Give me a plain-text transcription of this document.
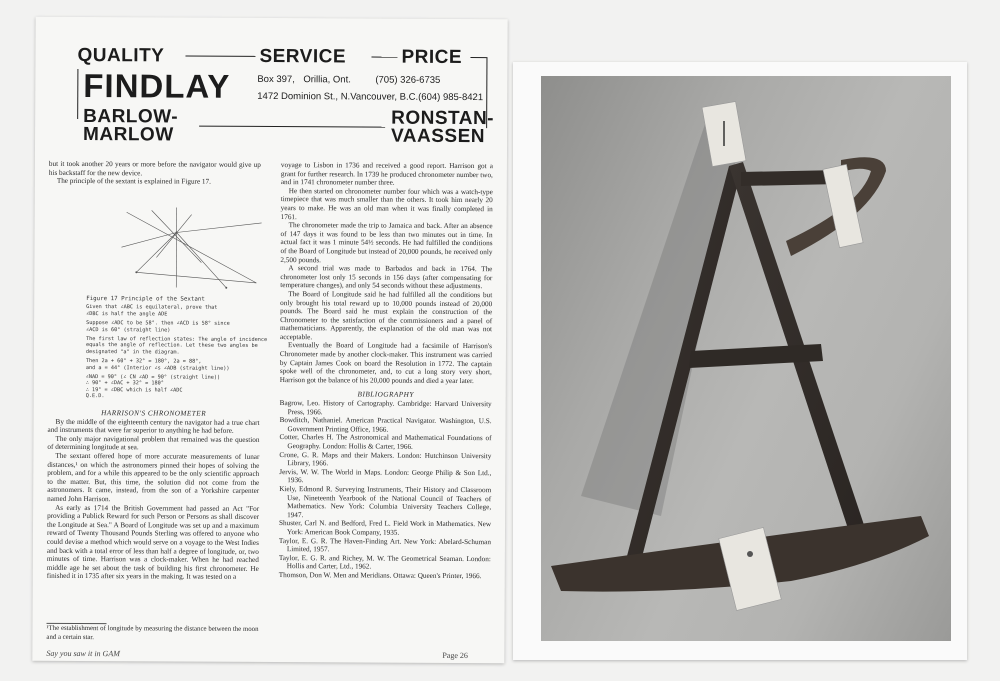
QUALITY	SERVICE	PRICE
FINDLAY	Box 397, Orillia, Ont.	(705) 326-6735
1472 Dominion St., N.Vancouver, B.C.(604) 985-8421
BARLOW-
MARLOW
RONSTAN-
VAASSEN

but it took another 20 years or more before the navigator would give up his backstaff for the new device.

The principle of the sextant is explained in Figure 17.

Figure 17 Principle of the Sextant
Given that ∠ABC is equilateral, prove that
∠DBC is half the angle ADE
Suppose ∠ADC to be 58°. then ∠ACD is 58° since
∠ACD is 60° (straight line)
The first law of reflection states: The angle of incidence
equals the angle of reflection. Let these two angles be
designated "a" in the diagram.
Then 2a + 60° + 32° = 180°, 2a = 88°,
and a = 44° (Interior ∠s ∠ADB (straight line))
∠NAD = 90° (∠ CN ∠AD = 90° (straight line))
∴ 90° + ∠DAC + 32° = 180°
∴ 19° = ∠DBC which is half ∠ADC
Q.E.D.

HARRISON'S CHRONOMETER

By the middle of the eighteenth century the navigator had a true chart and instruments that were far superior to anything he had before.

The only major navigational problem that remained was the question of determining longitude at sea.

The sextant offered hope of more accurate measurements of lunar distances,¹ on which the astronomers pinned their hopes of solving the problem, and for a while this appeared to be the only scientific approach to the matter. But, this time, the solution did not come from the astronomers. It came, instead, from the son of a Yorkshire carpenter named John Harrison.

As early as 1714 the British Government had passed an Act "For providing a Publick Reward for such Person or Persons as shall discover the Longitude at Sea." A Board of Longitude was set up and a maximum reward of Twenty Thousand Pounds Sterling was offered to anyone who could devise a method which would serve on a voyage to the West Indies and back with a total error of less than half a degree of longitude, or, two minutes of time. Harrison was a clock-maker. When he had reached middle age he set about the task of building his first chronometer. He finished it in 1735 after six years in the making. It was tested on a

¹The establishment of longitude by measuring the distance between the moon and a certain star.

voyage to Lisbon in 1736 and received a good report. Harrison got a grant for further research. In 1739 he produced chronometer number two, and in 1741 chronometer number three.

He then started on chronometer number four which was a watch-type timepiece that was much smaller than the others. It took him nearly 20 years to make. He was an old man when it was finally completed in 1761.

The chronometer made the trip to Jamaica and back. After an absence of 147 days it was found to be less than two minutes out in time. In actual fact it was 1 minute 54½ seconds. He had fulfilled the conditions of the Board of Longitude but instead of 20,000 pounds, he received only 2,500 pounds.

A second trial was made to Barbados and back in 1764. The chronometer lost only 15 seconds in 156 days (after compensating for temperature changes), and only 54 seconds without these adjustments.

The Board of Longitude said he had fulfilled all the conditions but only brought his total reward up to 10,000 pounds instead of 20,000 pounds. The Board said he must explain the construction of the Chronometer to the satisfaction of the commissioners and a panel of mathematicians. Apparently, the explanation of the old man was not acceptable.

Eventually the Board of Longitude had a facsimile of Harrison's Chronometer made by another clock-maker. This instrument was carried by Captain James Cook on board the Resolution in 1772. The captain spoke well of the chronometer, and, to cut a long story very short, Harrison got the balance of his 20,000 pounds and died a year later.

BIBLIOGRAPHY

Bagrow, Leo. History of Cartography. Cambridge: Harvard University Press, 1966.

Bowditch, Nathaniel. American Practical Navigator. Washington, U.S. Government Printing Office, 1966.

Cotter, Charles H. The Astronomical and Mathematical Foundations of Geography. London: Hollis & Carter, 1966.

Crone, G. R. Maps and their Makers. London: Hutchinson University Library, 1966.

Jervis, W. W. The World in Maps. London: George Philip & Son Ltd., 1936.

Kiely, Edmond R. Surveying Instruments, Their History and Classroom Use, Nineteenth Yearbook of the National Council of Teachers of Mathematics. New York: Columbia University Teachers College, 1947.

Shuster, Carl N. and Bedford, Fred L. Field Work in Mathematics. New York: American Book Company, 1935.

Taylor, E. G. R. The Haven-Finding Art. New York: Abelard-Schuman Limited, 1957.

Taylor, E. G. R. and Richey, M. W. The Geometrical Seaman. London: Hollis and Carter, Ltd., 1962.

Thomson, Don W. Men and Meridians. Ottawa: Queen's Printer, 1966.

Say you saw it in GAM	Page 26
